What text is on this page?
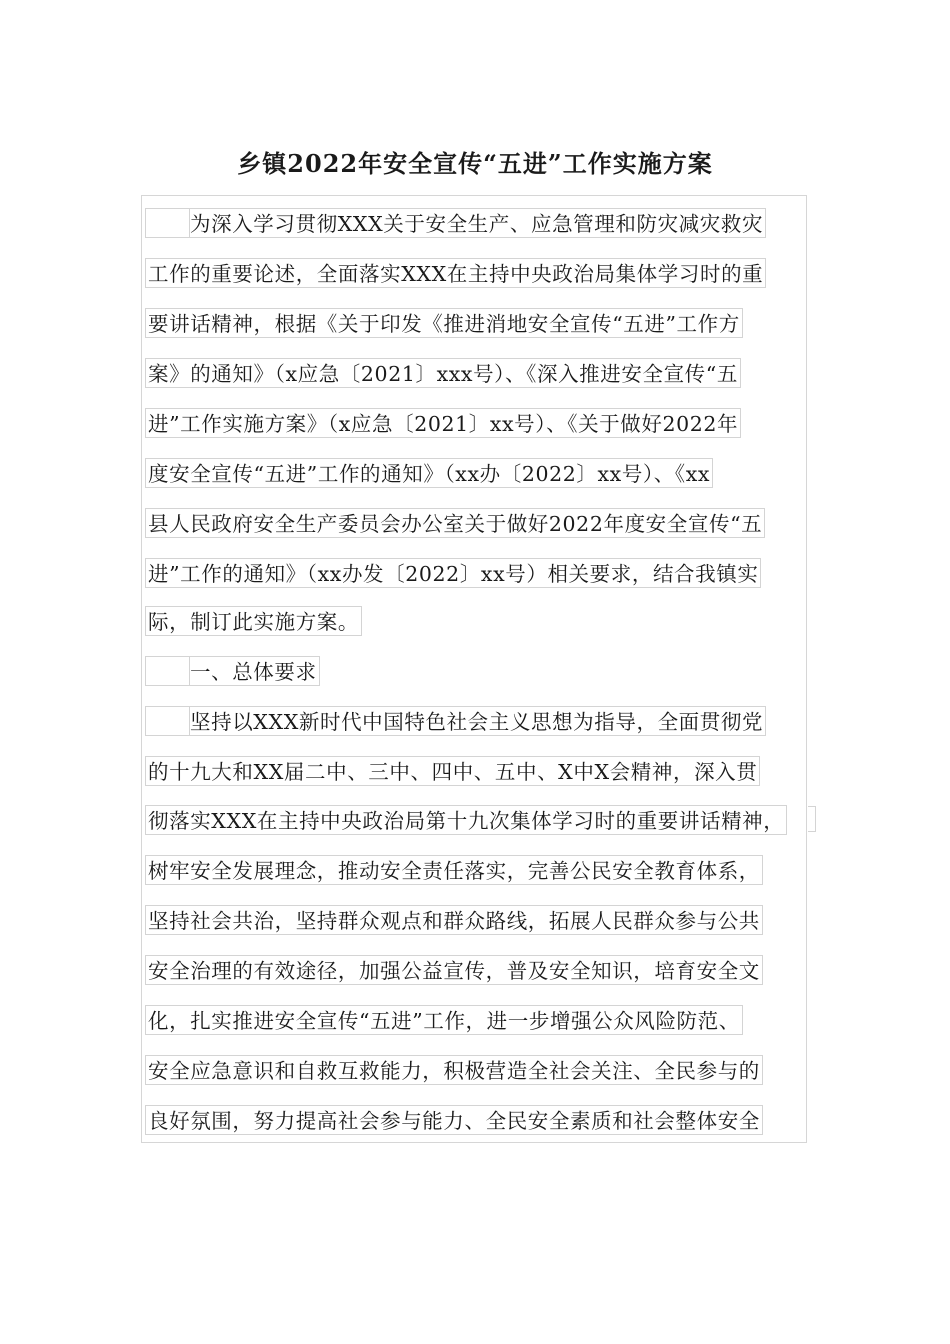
乡镇2022年安全宣传“五进”工作实施方案
为深入学习贯彻XXX关于安全生产、应急管理和防灾减灾救灾
工作的重要论述，全面落实XXX在主持中央政治局集体学习时的重
要讲话精神，根据《关于印发《推进消地安全宣传“五进”工作方
案》的通知》（x应急〔2021〕xxx号）、《深入推进安全宣传“五
进”工作实施方案》（x应急〔2021〕xx号）、《关于做好2022年
度安全宣传“五进”工作的通知》（xx办〔2022〕xx号）、《xx
县人民政府安全生产委员会办公室关于做好2022年度安全宣传“五
进”工作的通知》（xx办发〔2022〕xx号）相关要求，结合我镇实
际，制订此实施方案。
一、总体要求
坚持以XXX新时代中国特色社会主义思想为指导，全面贯彻党
的十九大和XX届二中、三中、四中、五中、X中X会精神，深入贯
彻落实XXX在主持中央政治局第十九次集体学习时的重要讲话精神，
树牢安全发展理念，推动安全责任落实，完善公民安全教育体系，
坚持社会共治，坚持群众观点和群众路线，拓展人民群众参与公共
安全治理的有效途径，加强公益宣传，普及安全知识，培育安全文
化，扎实推进安全宣传“五进”工作，进一步增强公众风险防范、
安全应急意识和自救互救能力，积极营造全社会关注、全民参与的
良好氛围，努力提高社会参与能力、全民安全素质和社会整体安全
